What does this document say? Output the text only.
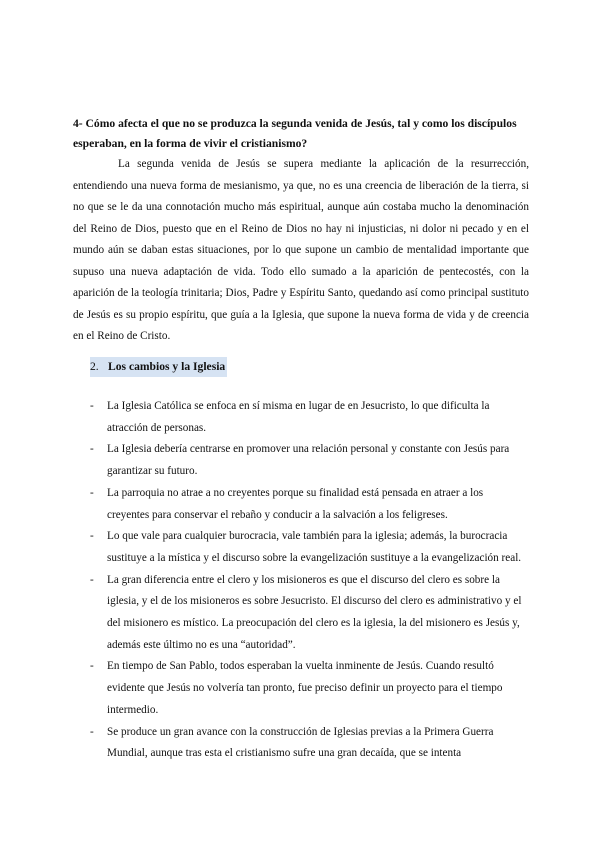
4- Cómo afecta el que no se produzca la segunda venida de Jesús, tal y como los discípulos esperaban, en la forma de vivir el cristianismo?

La segunda venida de Jesús se supera mediante la aplicación de la resurrección, entendiendo una nueva forma de mesianismo, ya que, no es una creencia de liberación de la tierra, si no que se le da una connotación mucho más espiritual, aunque aún costaba mucho la denominación del Reino de Dios, puesto que en el Reino de Dios no hay ni injusticias, ni dolor ni pecado y en el mundo aún se daban estas situaciones, por lo que supone un cambio de mentalidad importante que supuso una nueva adaptación de vida. Todo ello sumado a la aparición de pentecostés, con la aparición de la teología trinitaria; Dios, Padre y Espíritu Santo, quedando así como principal sustituto de Jesús es su propio espíritu, que guía a la Iglesia, que supone la nueva forma de vida y de creencia en el Reino de Cristo.

2. Los cambios y la Iglesia

- La Iglesia Católica se enfoca en sí misma en lugar de en Jesucristo, lo que dificulta la atracción de personas.
- La Iglesia debería centrarse en promover una relación personal y constante con Jesús para garantizar su futuro.
- La parroquia no atrae a no creyentes porque su finalidad está pensada en atraer a los creyentes para conservar el rebaño y conducir a la salvación a los feligreses.
- Lo que vale para cualquier burocracia, vale también para la iglesia; además, la burocracia sustituye a la mística y el discurso sobre la evangelización sustituye a la evangelización real.
- La gran diferencia entre el clero y los misioneros es que el discurso del clero es sobre la iglesia, y el de los misioneros es sobre Jesucristo. El discurso del clero es administrativo y el del misionero es místico. La preocupación del clero es la iglesia, la del misionero es Jesús y, además este último no es una “autoridad”.
- En tiempo de San Pablo, todos esperaban la vuelta inminente de Jesús. Cuando resultó evidente que Jesús no volvería tan pronto, fue preciso definir un proyecto para el tiempo intermedio.
- Se produce un gran avance con la construcción de Iglesias previas a la Primera Guerra Mundial, aunque tras esta el cristianismo sufre una gran decaída, que se intenta
